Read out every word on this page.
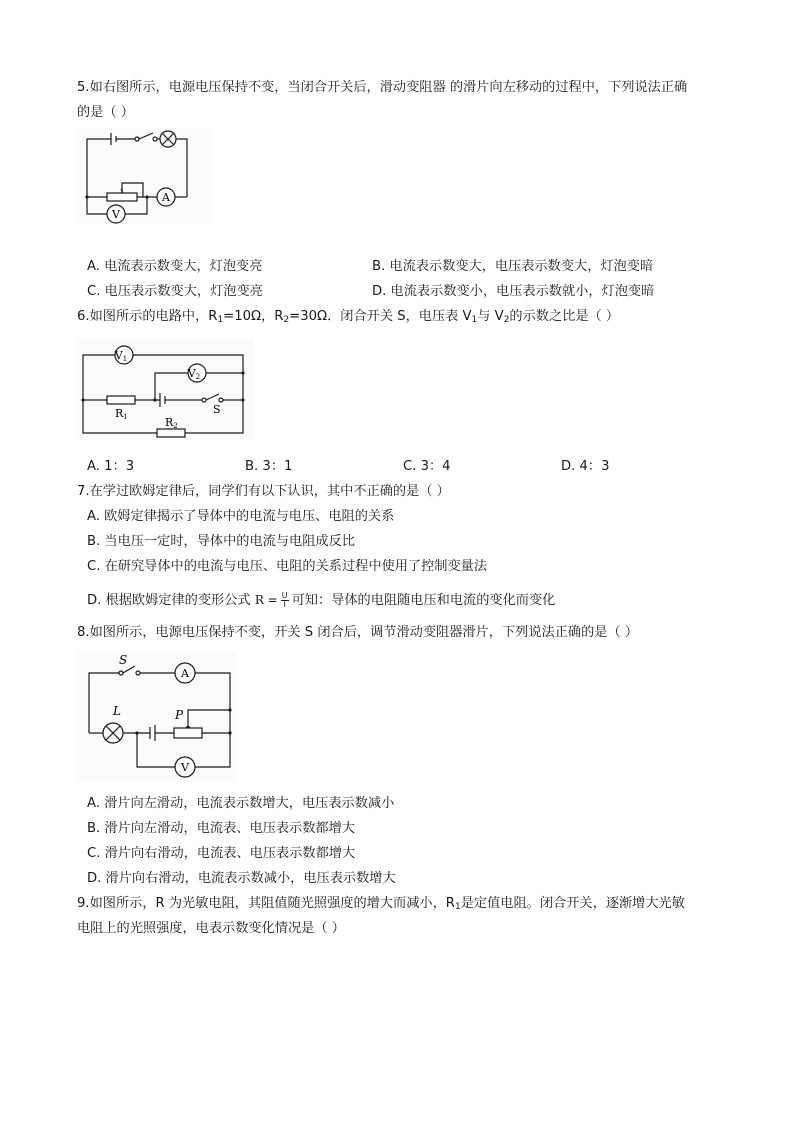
5.如右图所示，电源电压保持不变，当闭合开关后，滑动变阻器 的滑片向左移动的过程中，下列说法正确
的是（ ）
A
V
A. 电流表示数变大，灯泡变亮	B. 电流表示数变大，电压表示数变大，灯泡变暗
C. 电压表示数变大，灯泡变亮	D. 电流表示数变小，电压表示数就小，灯泡变暗
6.如图所示的电路中，$R_1=10\Omega$，$R_2=30\Omega$．闭合开关 S，电压表 $V_1$与 $V_2$的示数之比是（ ）
V1
V2
R1	R2
S
A. 1：3	B. 3：1	C. 3：4	D. 4：3
7.在学过欧姆定律后，同学们有以下认识，其中不正确的是（ ）
A. 欧姆定律揭示了导体中的电流与电压、电阻的关系
B. 当电压一定时，导体中的电流与电阻成反比
C. 在研究导体中的电流与电压、电阻的关系过程中使用了控制变量法
D. 根据欧姆定律的变形公式 $R = \frac{U}{I}$ 可知：导体的电阻随电压和电流的变化而变化
8.如图所示，电源电压保持不变，开关 S 闭合后，调节滑动变阻器滑片，下列说法正确的是（ ）
S
A
L	P
V
A. 滑片向左滑动，电流表示数增大，电压表示数减小
B. 滑片向左滑动，电流表、电压表示数都增大
C. 滑片向右滑动，电流表、电压表示数都增大
D. 滑片向右滑动，电流表示数减小，电压表示数增大
9.如图所示，R 为光敏电阻，其阻值随光照强度的增大而减小，$R_1$是定值电阻。闭合开关，逐渐增大光敏
电阻上的光照强度，电表示数变化情况是（ ）
